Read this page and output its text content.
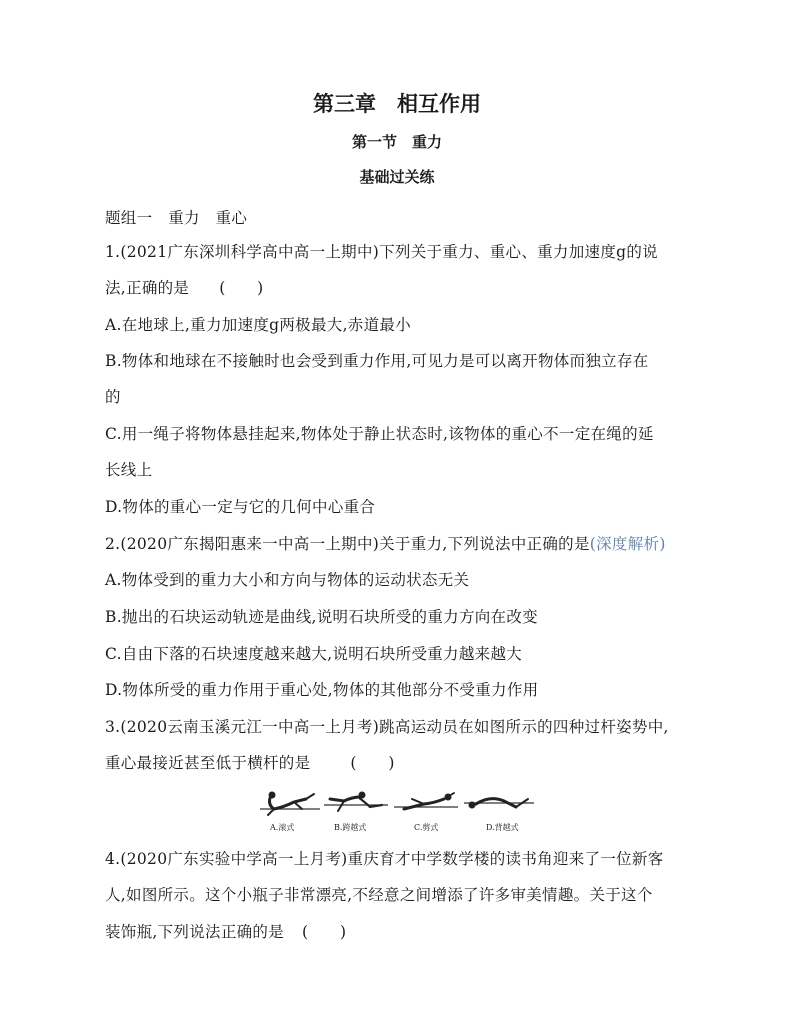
第三章　相互作用
第一节　重力
基础过关练
题组一　重力　重心
1.(2021广东深圳科学高中高一上期中)下列关于重力、重心、重力加速度g的说
法,正确的是 (　　)
A.在地球上,重力加速度g两极最大,赤道最小
B.物体和地球在不接触时也会受到重力作用,可见力是可以离开物体而独立存在
的
C.用一绳子将物体悬挂起来,物体处于静止状态时,该物体的重心不一定在绳的延
长线上
D.物体的重心一定与它的几何中心重合
2.(2020广东揭阳惠来一中高一上期中)关于重力,下列说法中正确的是(深度解析)
A.物体受到的重力大小和方向与物体的运动状态无关
B.抛出的石块运动轨迹是曲线,说明石块所受的重力方向在改变
C.自由下落的石块速度越来越大,说明石块所受重力越来越大
D.物体所受的重力作用于重心处,物体的其他部分不受重力作用
3.(2020云南玉溪元江一中高一上月考)跳高运动员在如图所示的四种过杆姿势中,
重心最接近甚至低于横杆的是	(　　)
A.滚式	B.跨越式	C.剪式	D.背越式
4.(2020广东实验中学高一上月考)重庆育才中学数学楼的读书角迎来了一位新客
人,如图所示。这个小瓶子非常漂亮,不经意之间增添了许多审美情趣。关于这个
装饰瓶,下列说法正确的是 (　　)
